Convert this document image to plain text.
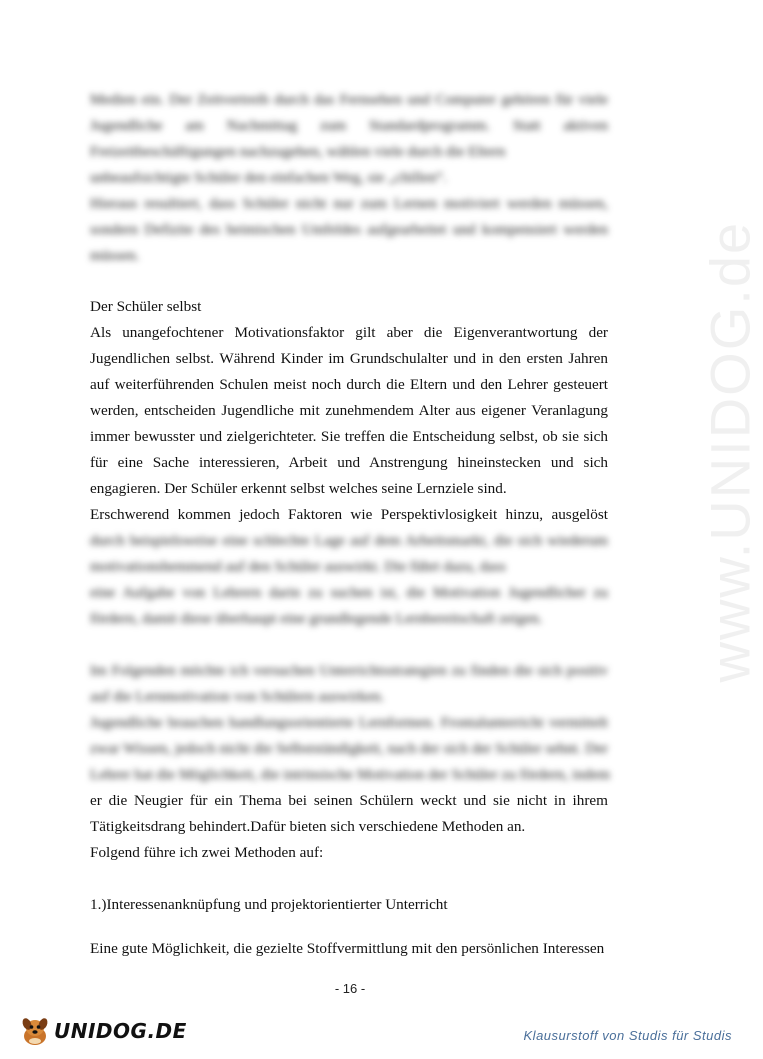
www.UNIDOG.de
Medien ein. Der Zeitvertreib durch das Fernsehen und Computer gehören für viele
Jugendliche am Nachmittag zum Standardprogramm. Statt aktiven
Freizeitbeschäftigungen nachzugehen, wählen viele durch die Eltern
unbeaufsichtigte Schüler den einfachen Weg, sie „chillen“.
Hieraus resultiert, dass Schüler nicht nur zum Lernen motiviert werden müssen,
sondern Defizite des heimischen Umfeldes aufgearbeitet und kompensiert werden
müssen.
Der Schüler selbst
Als unangefochtener Motivationsfaktor gilt aber die Eigenverantwortung der
Jugendlichen selbst. Während Kinder im Grundschulalter und in den ersten Jahren
auf weiterführenden Schulen meist noch durch die Eltern und den Lehrer gesteuert
werden, entscheiden Jugendliche mit zunehmendem Alter aus eigener Veranlagung
immer bewusster und zielgerichteter. Sie treffen die Entscheidung selbst, ob sie sich
für eine Sache interessieren, Arbeit und Anstrengung hineinstecken und sich
engagieren. Der Schüler erkennt selbst welches seine Lernziele sind.
Erschwerend kommen jedoch Faktoren wie Perspektivlosigkeit hinzu, ausgelöst
durch beispielsweise eine schlechte Lage auf dem Arbeitsmarkt, die sich wiederum
motivationshemmend auf den Schüler auswirkt. Die führt dazu, dass
eine Aufgabe von Lehrern darin zu suchen ist, die Motivation Jugendlicher zu
fördern, damit diese überhaupt eine grundlegende Lernbereitschaft zeigen.
Im Folgenden möchte ich versuchen Unterrichtsstrategien zu finden die sich positiv
auf die Lernmotivation von Schülern auswirken.
Jugendliche brauchen handlungsorientierte Lernformen. Frontalunterricht vermittelt
zwar Wissen, jedoch nicht die Selbstständigkeit, nach der sich der Schüler sehnt. Der
Lehrer hat die Möglichkeit, die intrinsische Motivation der Schüler zu fördern, indem
er die Neugier für ein Thema bei seinen Schülern weckt und sie nicht in ihrem
Tätigkeitsdrang behindert.Dafür bieten sich verschiedene Methoden an.
Folgend führe ich zwei Methoden auf:
1.)Interessenanknüpfung und projektorientierter Unterricht
Eine gute Möglichkeit, die gezielte Stoffvermittlung mit den persönlichen Interessen
- 16 -
UNIDOG.DE	Klausurstoff von Studis für Studis
